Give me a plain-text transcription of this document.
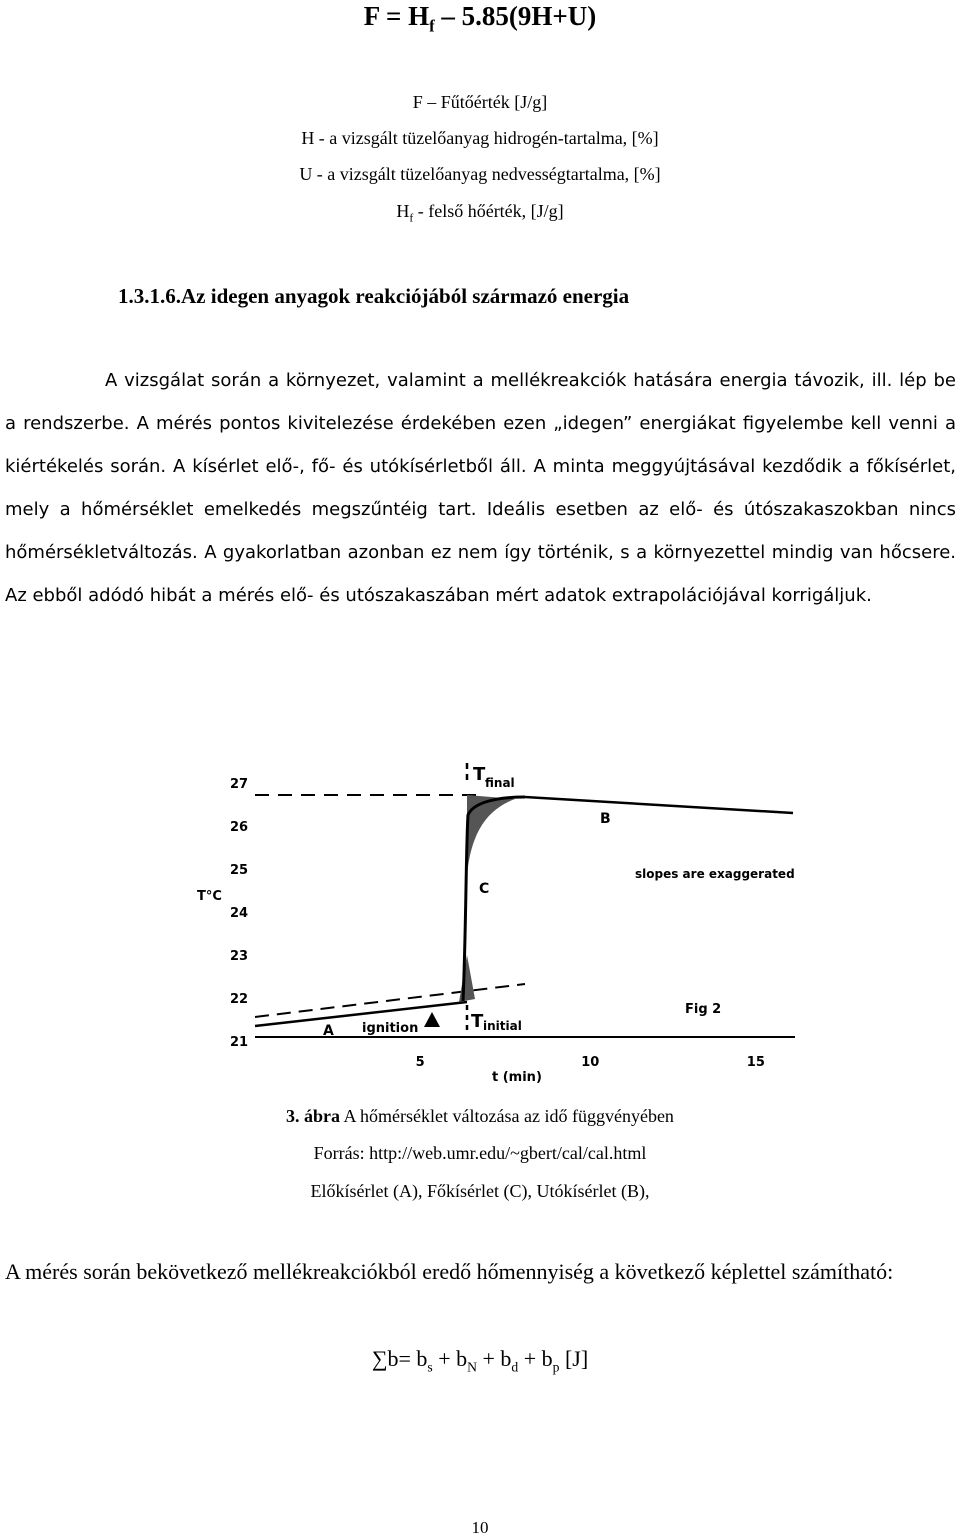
$F = H_f - 5.85(9H+U)$
F – Fűtőérték [J/g]
H - a vizsgált tüzelőanyag hidrogén-tartalma, [%]
U - a vizsgált tüzelőanyag nedvességtartalma, [%]
$H_f$ - felső hőérték, [J/g]
1.3.1.6.Az idegen anyagok reakciójából származó energia

A vizsgálat során a környezet, valamint a mellékreakciók hatására energia távozik, ill. lép be a rendszerbe. A mérés pontos kivitelezése érdekében ezen „idegen” energiákat figyelembe kell venni a kiértékelés során. A kísérlet elő-, fő- és utókísérletből áll. A minta meggyújtásával kezdődik a főkísérlet, mely a hőmérséklet emelkedés megszűntéig tart. Ideális esetben az elő- és útószakaszokban nincs hőmérsékletváltozás. A gyakorlatban azonban ez nem így történik, s a környezettel mindig van hőcsere. Az ebből adódó hibát a mérés elő- és utószakaszában mért adatok extrapolációjával korrigáljuk.

27
26
25
24
23
22
21
5	10	15
T final
T initial
B
C
A ignition
slopes are exaggerated
Fig 2
T°C
t (min)
3. ábra A hőmérséklet változása az idő függvényében
Forrás: http://web.umr.edu/~gbert/cal/cal.html
Előkísérlet (A), Főkísérlet (C), Utókísérlet (B),

A mérés során bekövetkező mellékreakciókból eredő hőmennyiség a következő képlettel számítható:

$\sum b= b_s + b_N + b_d + b_p$ [J]
10
